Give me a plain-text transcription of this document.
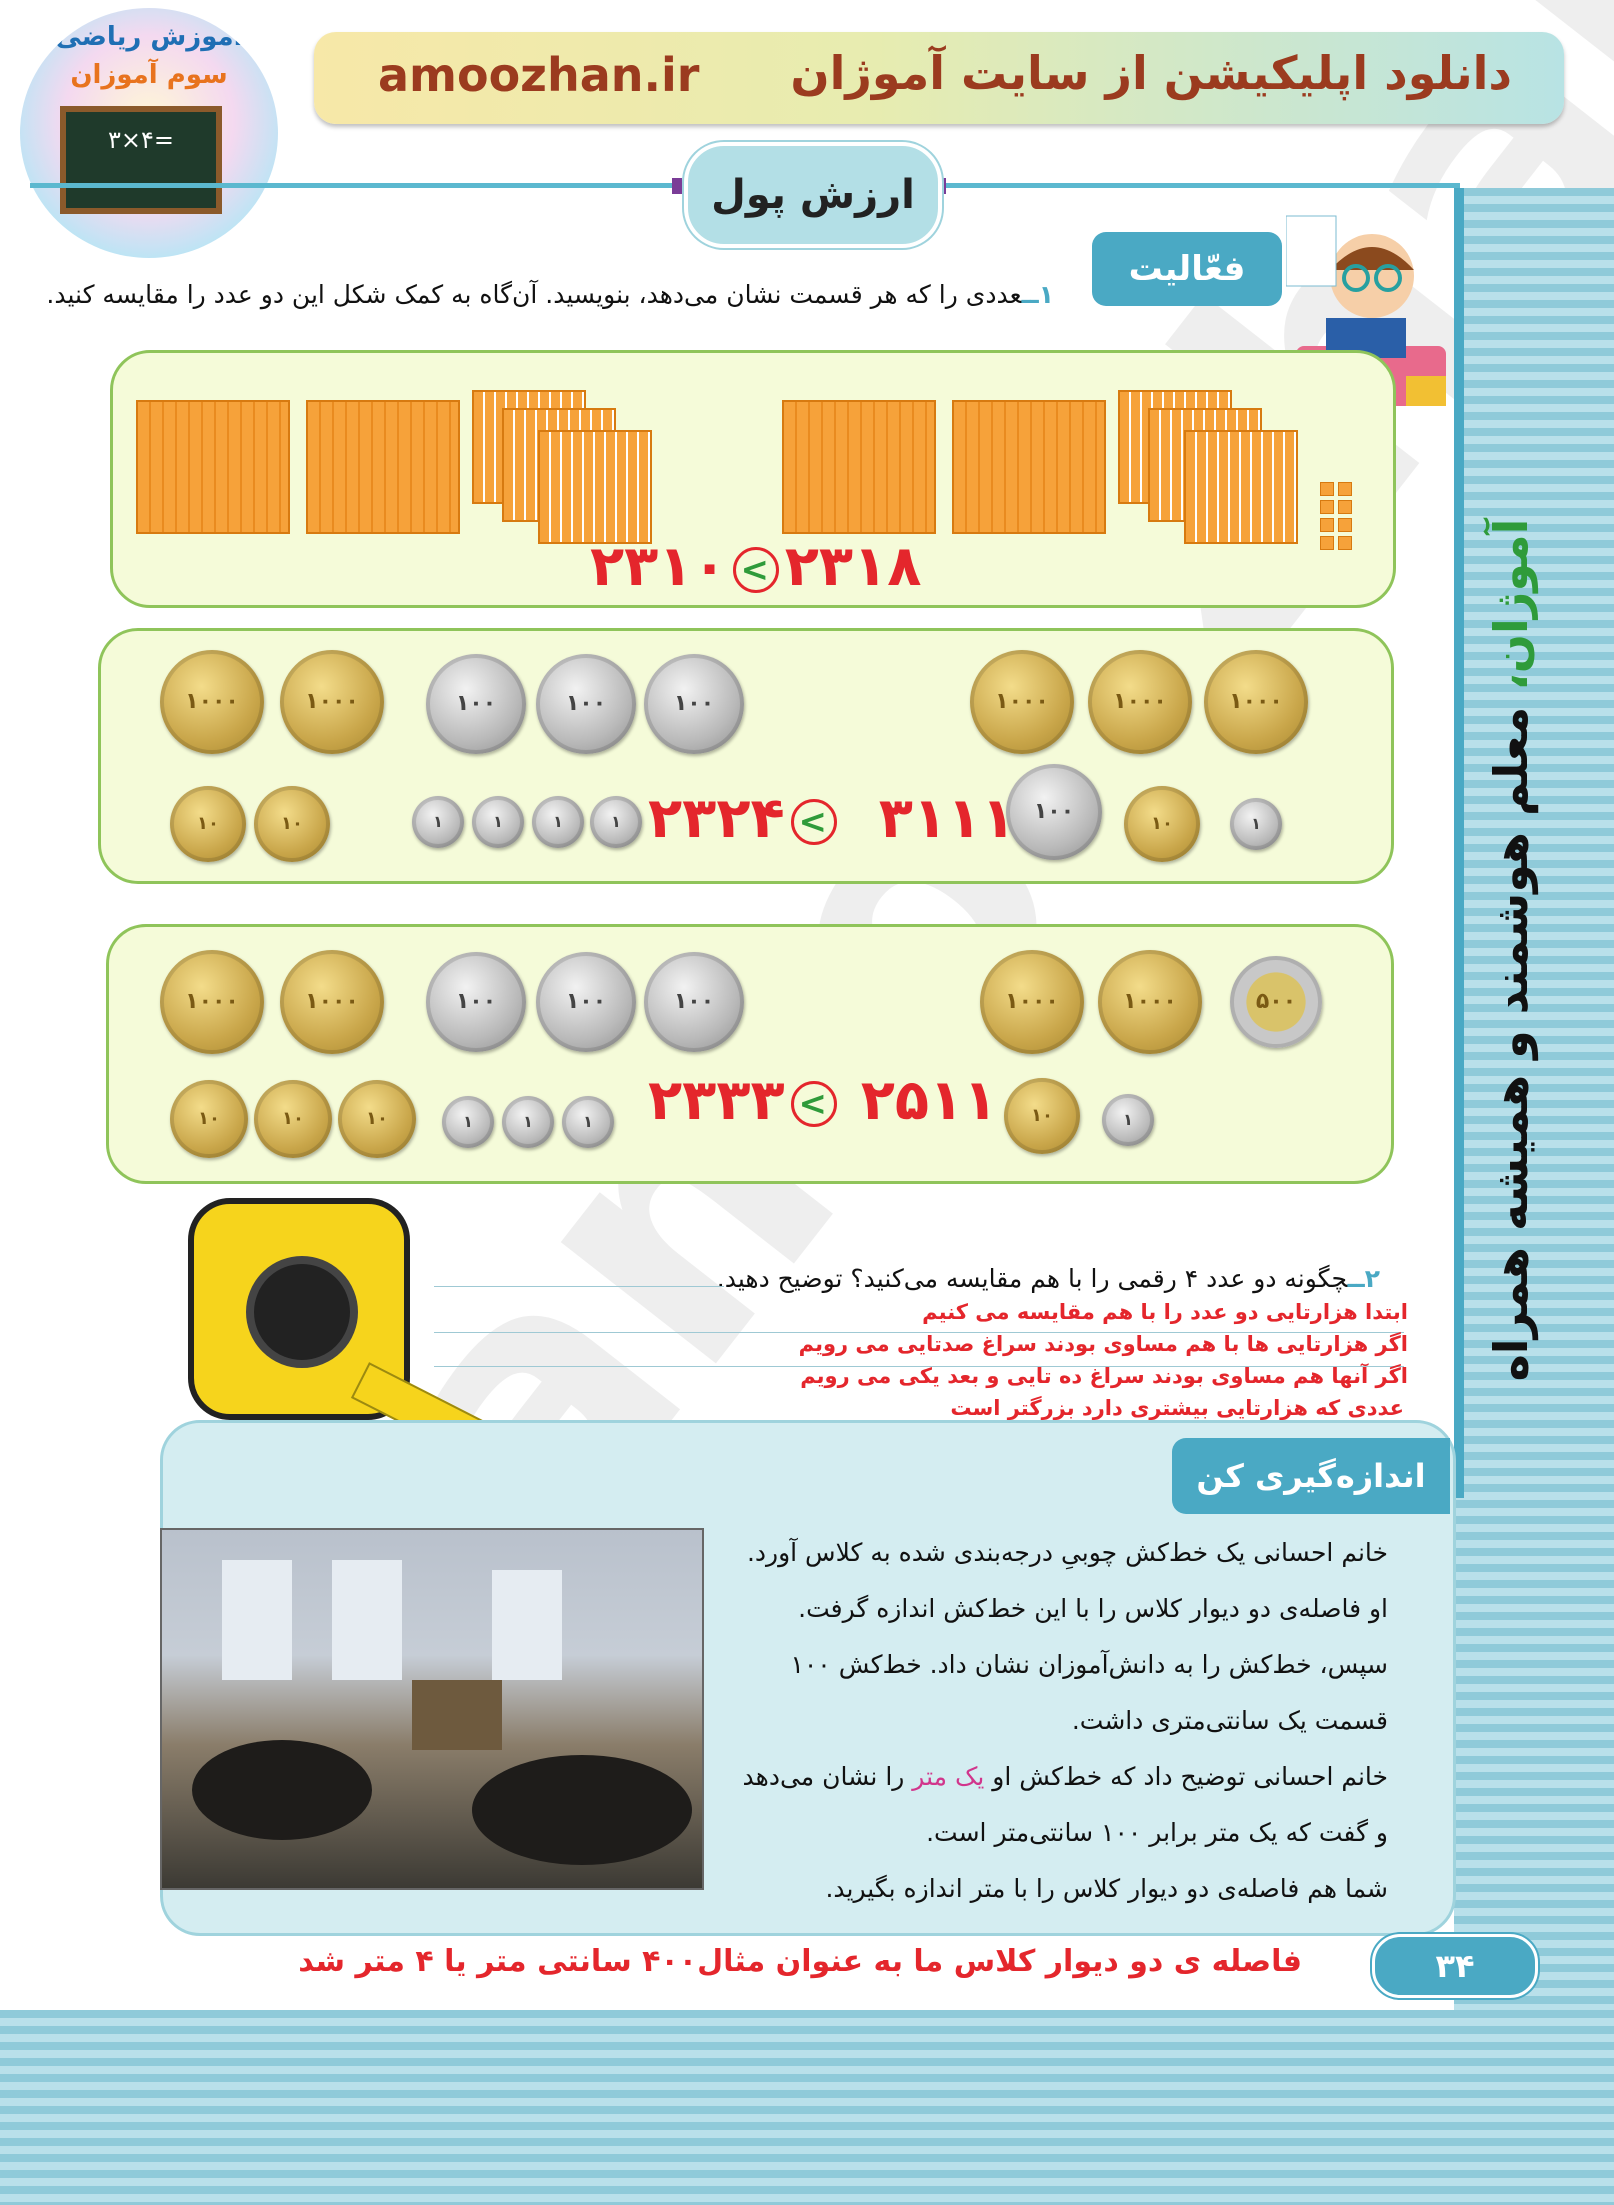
آموزش ریاضی
سوم آموزان
۳×۴=
دانلود اپلیکیشن از سایت آموژان
amoozhan.ir
ارزش پول
آموژان، معلم هوشمند و همیشه همراه
فعّالیت
۱ــعددی را که هر قسمت نشان می‌دهد، بنویسید. آن‌گاه به کمک شکل این دو عدد را مقایسه کنید.
۲۳۱۰ < ۲۳۱۸
۱۰۰۰	۱۰۰۰	۱۰۰	۱۰۰	۱۰۰	۱۰۰۰	۱۰۰۰	۱۰۰۰
۱۰	۱۰	۱	۱	۱	۱	۱۰۰	۱۰	۱
۲۳۲۴ < ۳۱۱۱
۱۰۰۰	۱۰۰۰	۱۰۰	۱۰۰	۱۰۰	۱۰۰۰	۱۰۰۰	۵۰۰
۱۰	۱۰	۱۰	۱	۱	۱	۱۰	۱
۲۳۳۳ < ۲۵۱۱
۲ــچگونه دو عدد ۴ رقمی را با هم مقایسه می‌کنید؟ توضیح دهید.
ابتدا هزارتایی دو عدد را با هم مقایسه می کنیم
اگر هزارتایی ها با هم مساوی بودند سراغ صدتایی می رویم
اگر آنها هم مساوی بودند سراغ ده تایی و بعد یکی می رویم
عددی که هزارتایی بیشتری دارد بزرگتر است
اندازه‌گیری کن
خانم احسانی یک خط‌کش چوبیِ درجه‌بندی شده به کلاس آورد.
او فاصله‌ی دو دیوار کلاس را با این خط‌کش اندازه گرفت.
سپس، خط‌کش را به دانش‌آموزان نشان داد. خط‌کش ۱۰۰
قسمت یک سانتی‌متری داشت.
خانم احسانی توضیح داد که خط‌کش او یک متر را نشان می‌دهد
و گفت که یک متر برابر ۱۰۰ سانتی‌متر است.
شما هم فاصله‌ی دو دیوار کلاس را با متر اندازه بگیرید.
فاصله ی دو دیوار کلاس ما به عنوان مثال۴۰۰ سانتی متر یا ۴ متر شد	۳۴
